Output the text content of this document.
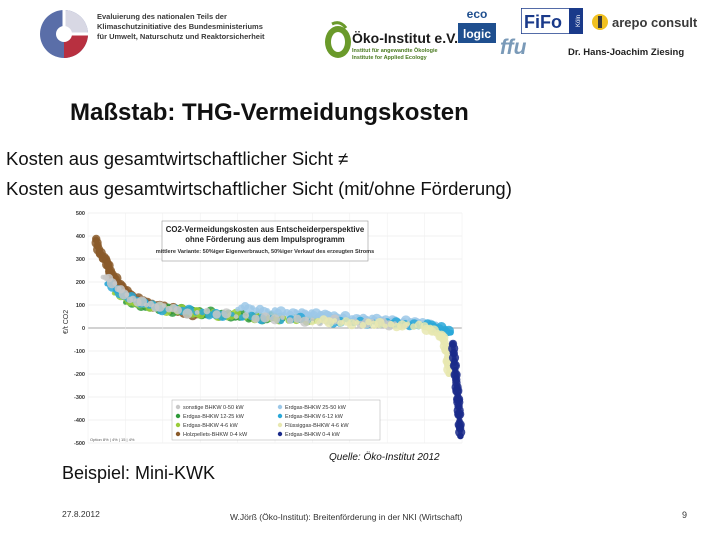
Evaluierung des nationalen Teils der
Klimaschutzinitiative des Bundesministeriums
für Umwelt, Naturschutz und Reaktorsicherheit	Öko-Institut e.V.
Institut für angewandte Ökologie
Institute for Applied Ecology
eco
logic
ffu
FiFo Köln arepo consult
Dr. Hans-Joachim Ziesing
Maßstab: THG-Vermeidungskosten
Kosten aus gesamtwirtschaftlicher Sicht ≠
Kosten aus gesamtwirtschaftlicher Sicht (mit/ohne Förderung)
500
400
300
200
100
0
-100
-200
-300
-400
-500
€/t CO2
CO2-Vermeidungskosten aus Entscheiderperspektive
ohne Förderung aus dem Impulsprogramm
mittlere Variante: 50%iger Eigenverbrauch, 50%iger Verkauf des erzeugten Stroms
sonstige BHKW 0-50 kW	Erdgas-BHKW 25-50 kW
Erdgas-BHKW 12-25 kW	Erdgas-BHKW 6-12 kW
Erdgas-BHKW 4-6 kW	Flüssiggas-BHKW 4-6 kW
Holzpellets-BHKW 0-4 kW	Erdgas-BHKW 0-4 kW
Option 8% | 4% | 15 | 4%
Quelle: Öko-Institut 2012
Beispiel: Mini-KWK
27.8.2012	W.Jörß (Öko-Institut): Breitenförderung in der NKI (Wirtschaft)	9
